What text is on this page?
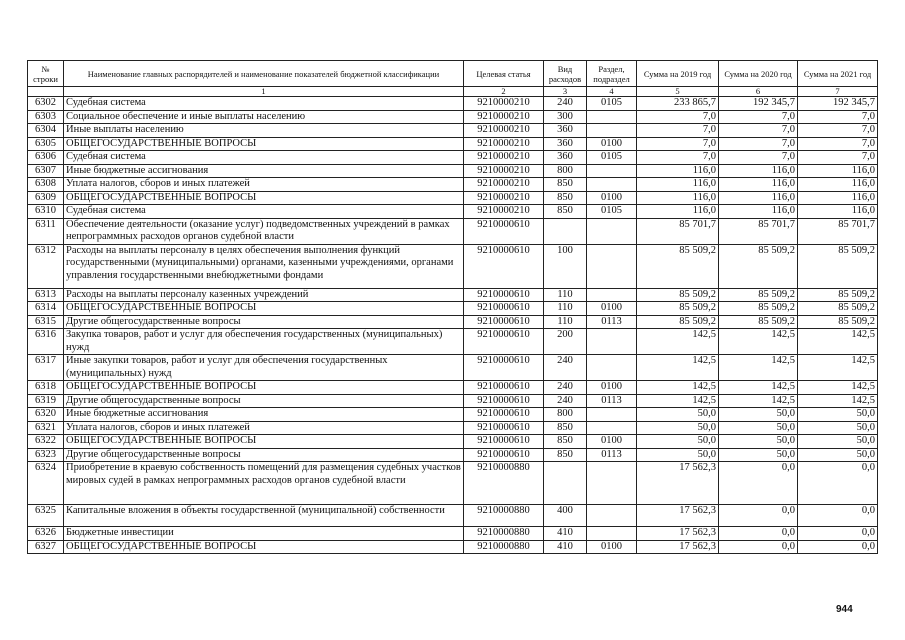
№ строки	Наименование главных распорядителей и наименование показателей бюджетной классификации	Целевая статья	Вид расходов	Раздел, подраздел	Сумма на 2019 год	Сумма на 2020 год	Сумма на 2021 год
	1	2	3	4	5	6	7
6302	Судебная система	9210000210	240	0105	233 865,7	192 345,7	192 345,7
6303	Социальное обеспечение и иные выплаты населению	9210000210	300		7,0	7,0	7,0
6304	Иные выплаты населению	9210000210	360		7,0	7,0	7,0
6305	ОБЩЕГОСУДАРСТВЕННЫЕ ВОПРОСЫ	9210000210	360	0100	7,0	7,0	7,0
6306	Судебная система	9210000210	360	0105	7,0	7,0	7,0
6307	Иные бюджетные ассигнования	9210000210	800		116,0	116,0	116,0
6308	Уплата налогов, сборов и иных платежей	9210000210	850		116,0	116,0	116,0
6309	ОБЩЕГОСУДАРСТВЕННЫЕ ВОПРОСЫ	9210000210	850	0100	116,0	116,0	116,0
6310	Судебная система	9210000210	850	0105	116,0	116,0	116,0
6311	Обеспечение деятельности (оказание услуг) подведомственных учреждений в рамках непрограммных расходов органов судебной власти	9210000610			85 701,7	85 701,7	85 701,7
6312	Расходы на выплаты персоналу в целях обеспечения выполнения функций государственными (муниципальными) органами, казенными учреждениями, органами управления государственными внебюджетными фондами	9210000610	100		85 509,2	85 509,2	85 509,2
6313	Расходы на выплаты персоналу казенных учреждений	9210000610	110		85 509,2	85 509,2	85 509,2
6314	ОБЩЕГОСУДАРСТВЕННЫЕ ВОПРОСЫ	9210000610	110	0100	85 509,2	85 509,2	85 509,2
6315	Другие общегосударственные вопросы	9210000610	110	0113	85 509,2	85 509,2	85 509,2
6316	Закупка товаров, работ и услуг для обеспечения государственных (муниципальных) нужд	9210000610	200		142,5	142,5	142,5
6317	Иные закупки товаров, работ и услуг для обеспечения государственных (муниципальных) нужд	9210000610	240		142,5	142,5	142,5
6318	ОБЩЕГОСУДАРСТВЕННЫЕ ВОПРОСЫ	9210000610	240	0100	142,5	142,5	142,5
6319	Другие общегосударственные вопросы	9210000610	240	0113	142,5	142,5	142,5
6320	Иные бюджетные ассигнования	9210000610	800		50,0	50,0	50,0
6321	Уплата налогов, сборов и иных платежей	9210000610	850		50,0	50,0	50,0
6322	ОБЩЕГОСУДАРСТВЕННЫЕ ВОПРОСЫ	9210000610	850	0100	50,0	50,0	50,0
6323	Другие общегосударственные вопросы	9210000610	850	0113	50,0	50,0	50,0
6324	Приобретение в краевую собственность помещений для размещения судебных участков мировых судей в рамках непрограммных расходов органов судебной власти	9210000880			17 562,3	0,0	0,0
6325	Капитальные вложения в объекты государственной (муниципальной) собственности	9210000880	400		17 562,3	0,0	0,0
6326	Бюджетные инвестиции	9210000880	410		17 562,3	0,0	0,0
6327	ОБЩЕГОСУДАРСТВЕННЫЕ ВОПРОСЫ	9210000880	410	0100	17 562,3	0,0	0,0
944
